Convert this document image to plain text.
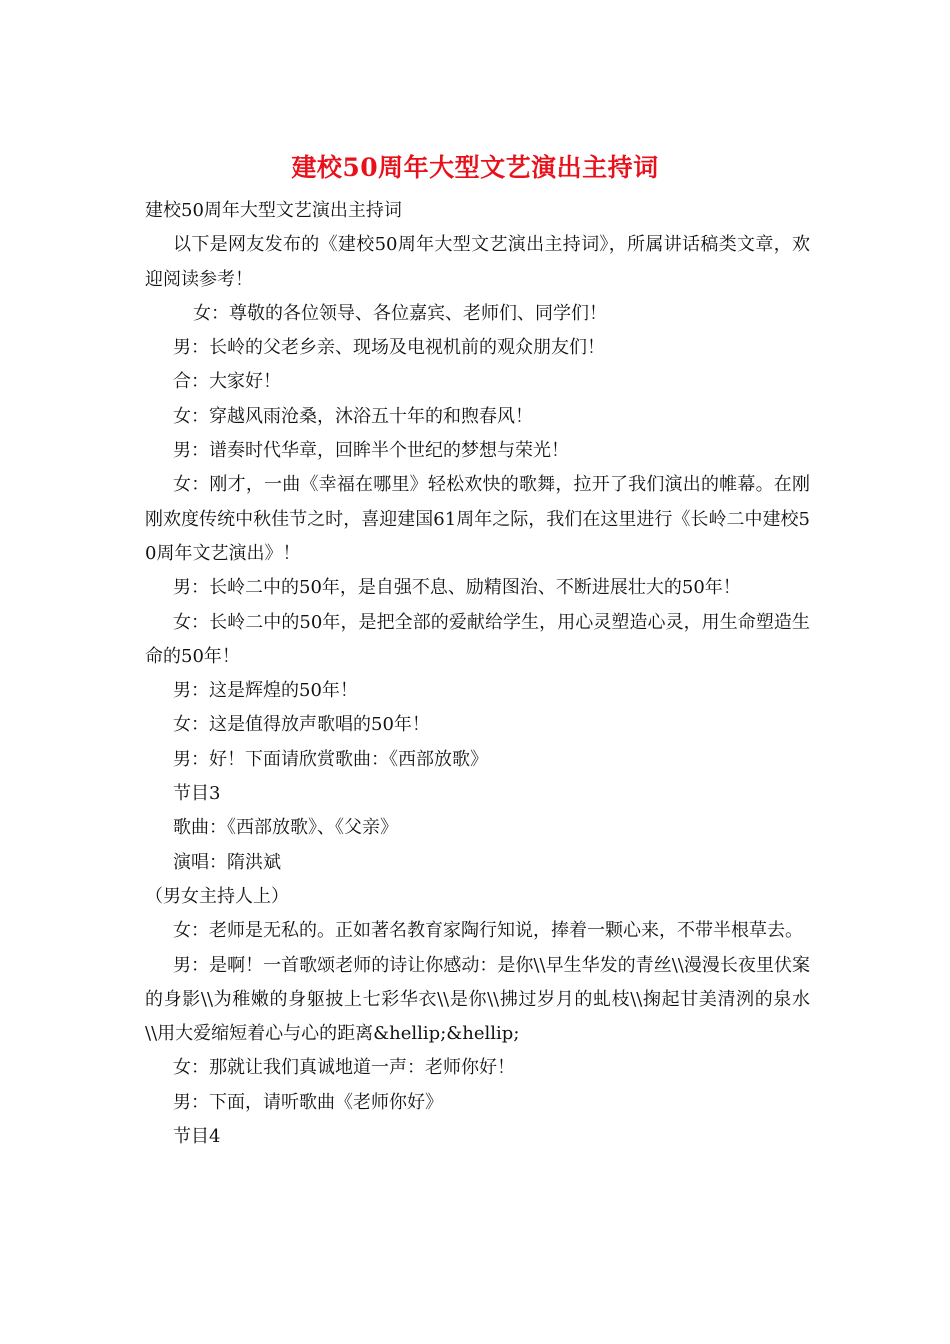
建校50周年大型文艺演出主持词

建校50周年大型文艺演出主持词

以下是网友发布的《建校50周年大型文艺演出主持词》，所属讲话稿类文章，欢迎阅读参考！

女：尊敬的各位领导、各位嘉宾、老师们、同学们！

男：长岭的父老乡亲、现场及电视机前的观众朋友们！

合：大家好！

女：穿越风雨沧桑，沐浴五十年的和煦春风！

男：谱奏时代华章，回眸半个世纪的梦想与荣光！

女：刚才，一曲《幸福在哪里》轻松欢快的歌舞，拉开了我们演出的帷幕。在刚刚欢度传统中秋佳节之时，喜迎建国61周年之际，我们在这里进行《长岭二中建校50周年文艺演出》！

男：长岭二中的50年，是自强不息、励精图治、不断进展壮大的50年！

女：长岭二中的50年，是把全部的爱献给学生，用心灵塑造心灵，用生命塑造生命的50年！

男：这是辉煌的50年！

女：这是值得放声歌唱的50年！

男：好！下面请欣赏歌曲：《西部放歌》

节目3

歌曲：《西部放歌》、《父亲》

演唱：隋洪斌

（男女主持人上）

女：老师是无私的。正如著名教育家陶行知说，捧着一颗心来，不带半根草去。

男：是啊！一首歌颂老师的诗让你感动：是你\\早生华发的青丝\\漫漫长夜里伏案的身影\\为稚嫩的身躯披上七彩华衣\\是你\\拂过岁月的虬枝\\掬起甘美清洌的泉水\\用大爱缩短着心与心的距离&hellip;&hellip;

女：那就让我们真诚地道一声：老师你好！

男：下面，请听歌曲《老师你好》

节目4
